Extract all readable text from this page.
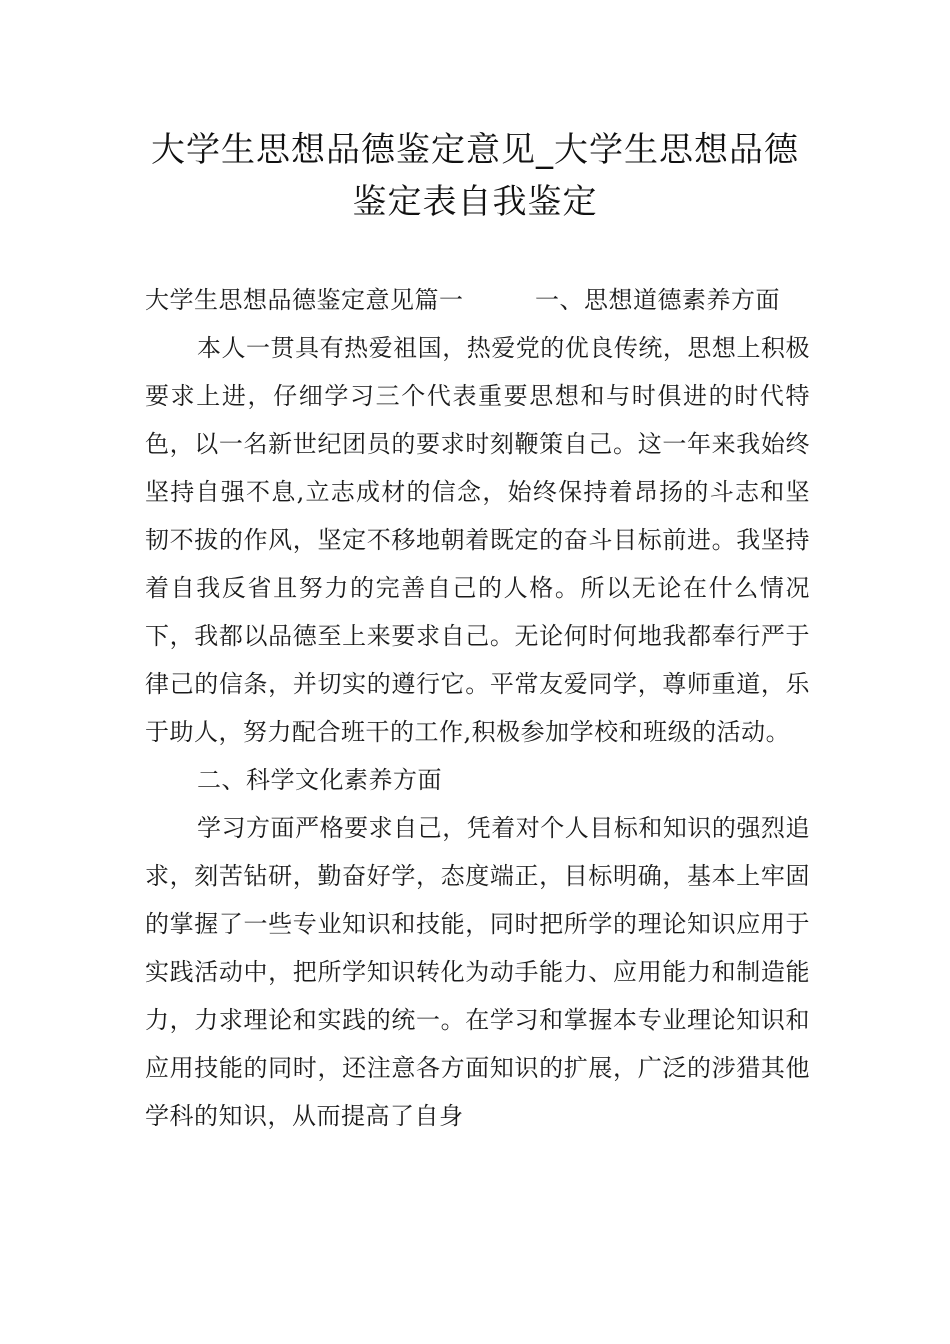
大学生思想品德鉴定意见_大学生思想品德
鉴定表自我鉴定
大学生思想品德鉴定意见篇一	一、思想道德素养方面

本人一贯具有热爱祖国，热爱党的优良传统，思想上积极要求上进，仔细学习三个代表重要思想和与时俱进的时代特色，以一名新世纪团员的要求时刻鞭策自己。这一年来我始终坚持自强不息,立志成材的信念，始终保持着昂扬的斗志和坚韧不拔的作风，坚定不移地朝着既定的奋斗目标前进。我坚持着自我反省且努力的完善自己的人格。所以无论在什么情况下，我都以品德至上来要求自己。无论何时何地我都奉行严于律己的信条，并切实的遵行它。平常友爱同学，尊师重道，乐于助人，努力配合班干的工作,积极参加学校和班级的活动。

二、科学文化素养方面

学习方面严格要求自己，凭着对个人目标和知识的强烈追求，刻苦钻研，勤奋好学，态度端正，目标明确，基本上牢固的掌握了一些专业知识和技能，同时把所学的理论知识应用于实践活动中，把所学知识转化为动手能力、应用能力和制造能力，力求理论和实践的统一。在学习和掌握本专业理论知识和应用技能的同时，还注意各方面知识的扩展，广泛的涉猎其他学科的知识，从而提高了自身
